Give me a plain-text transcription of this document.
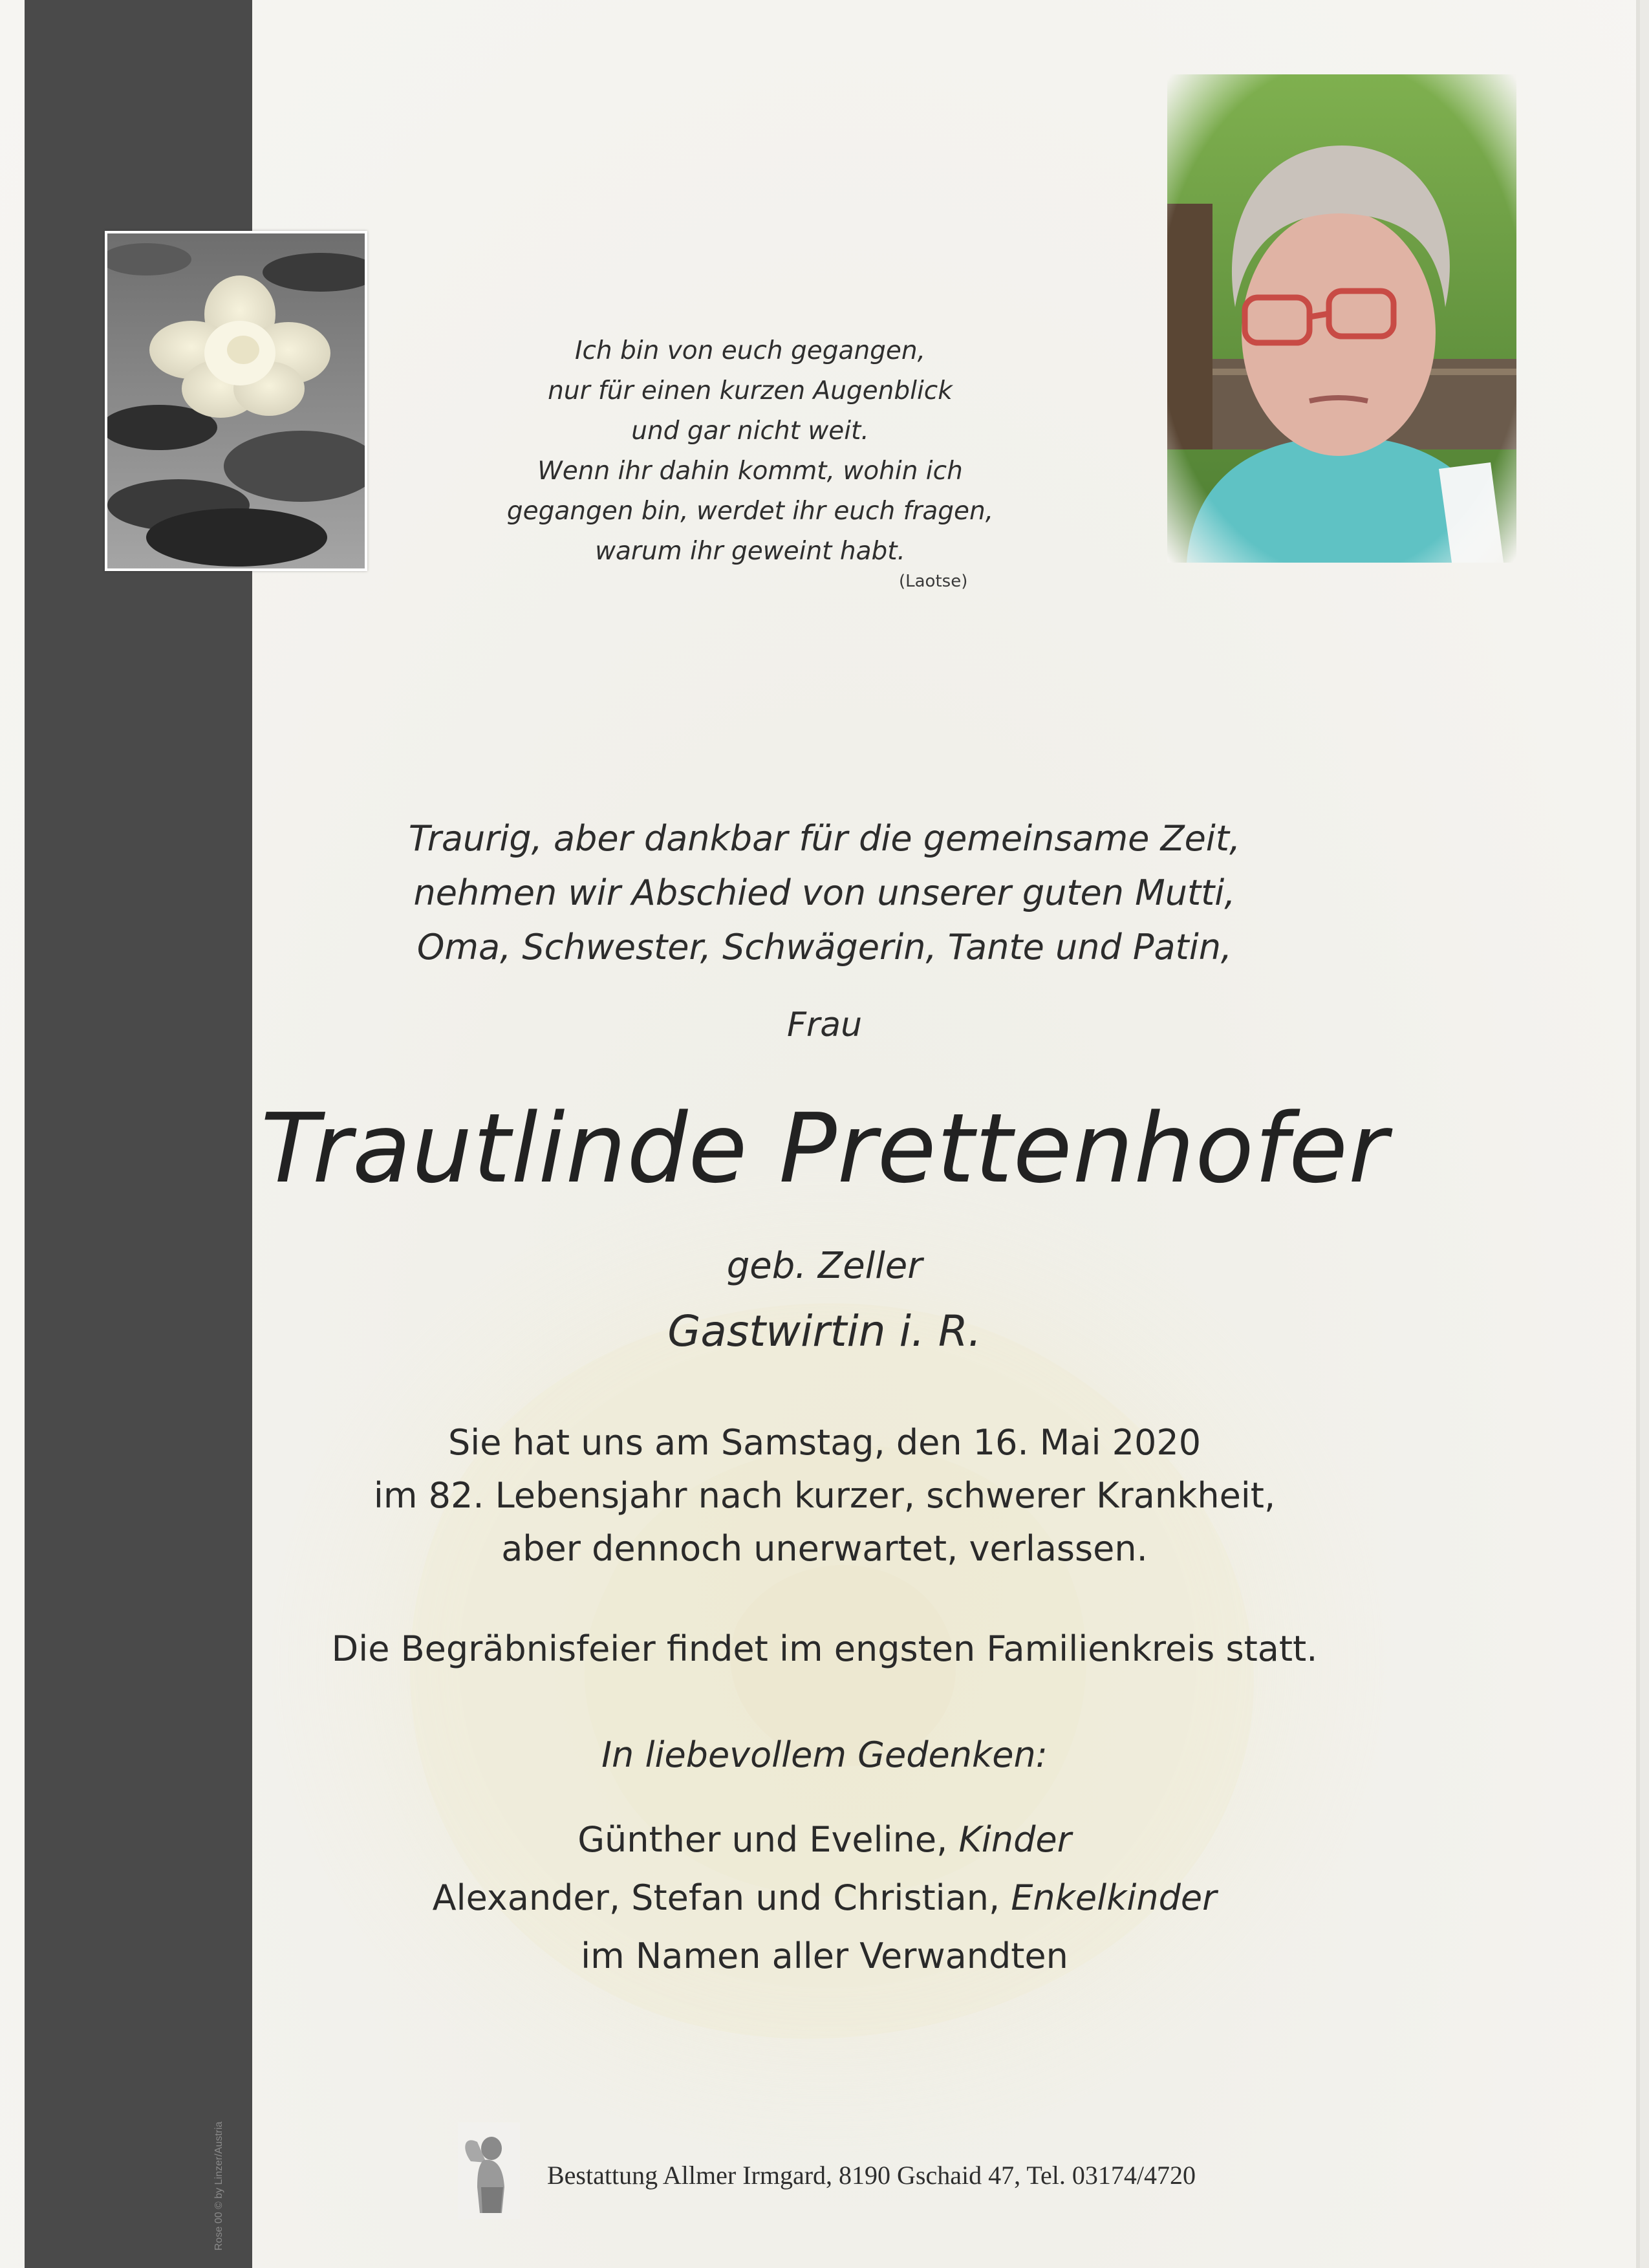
Rose 00 © by Linzer/Austria
Ich bin von euch gegangen,
nur für einen kurzen Augenblick
und gar nicht weit.
Wenn ihr dahin kommt, wohin ich
gegangen bin, werdet ihr euch fragen,
warum ihr geweint habt.
(Laotse)
Traurig, aber dankbar für die gemeinsame Zeit,
nehmen wir Abschied von unserer guten Mutti,
Oma, Schwester, Schwägerin, Tante und Patin,
Frau
Trautlinde Prettenhofer
geb. Zeller
Gastwirtin i. R.
Sie hat uns am Samstag, den 16. Mai 2020
im 82. Lebensjahr nach kurzer, schwerer Krankheit,
aber dennoch unerwartet, verlassen.
Die Begräbnisfeier findet im engsten Familienkreis statt.
In liebevollem Gedenken:
Günther und Eveline, Kinder
Alexander, Stefan und Christian, Enkelkinder
im Namen aller Verwandten
Bestattung Allmer Irmgard, 8190 Gschaid 47, Tel. 03174/4720
